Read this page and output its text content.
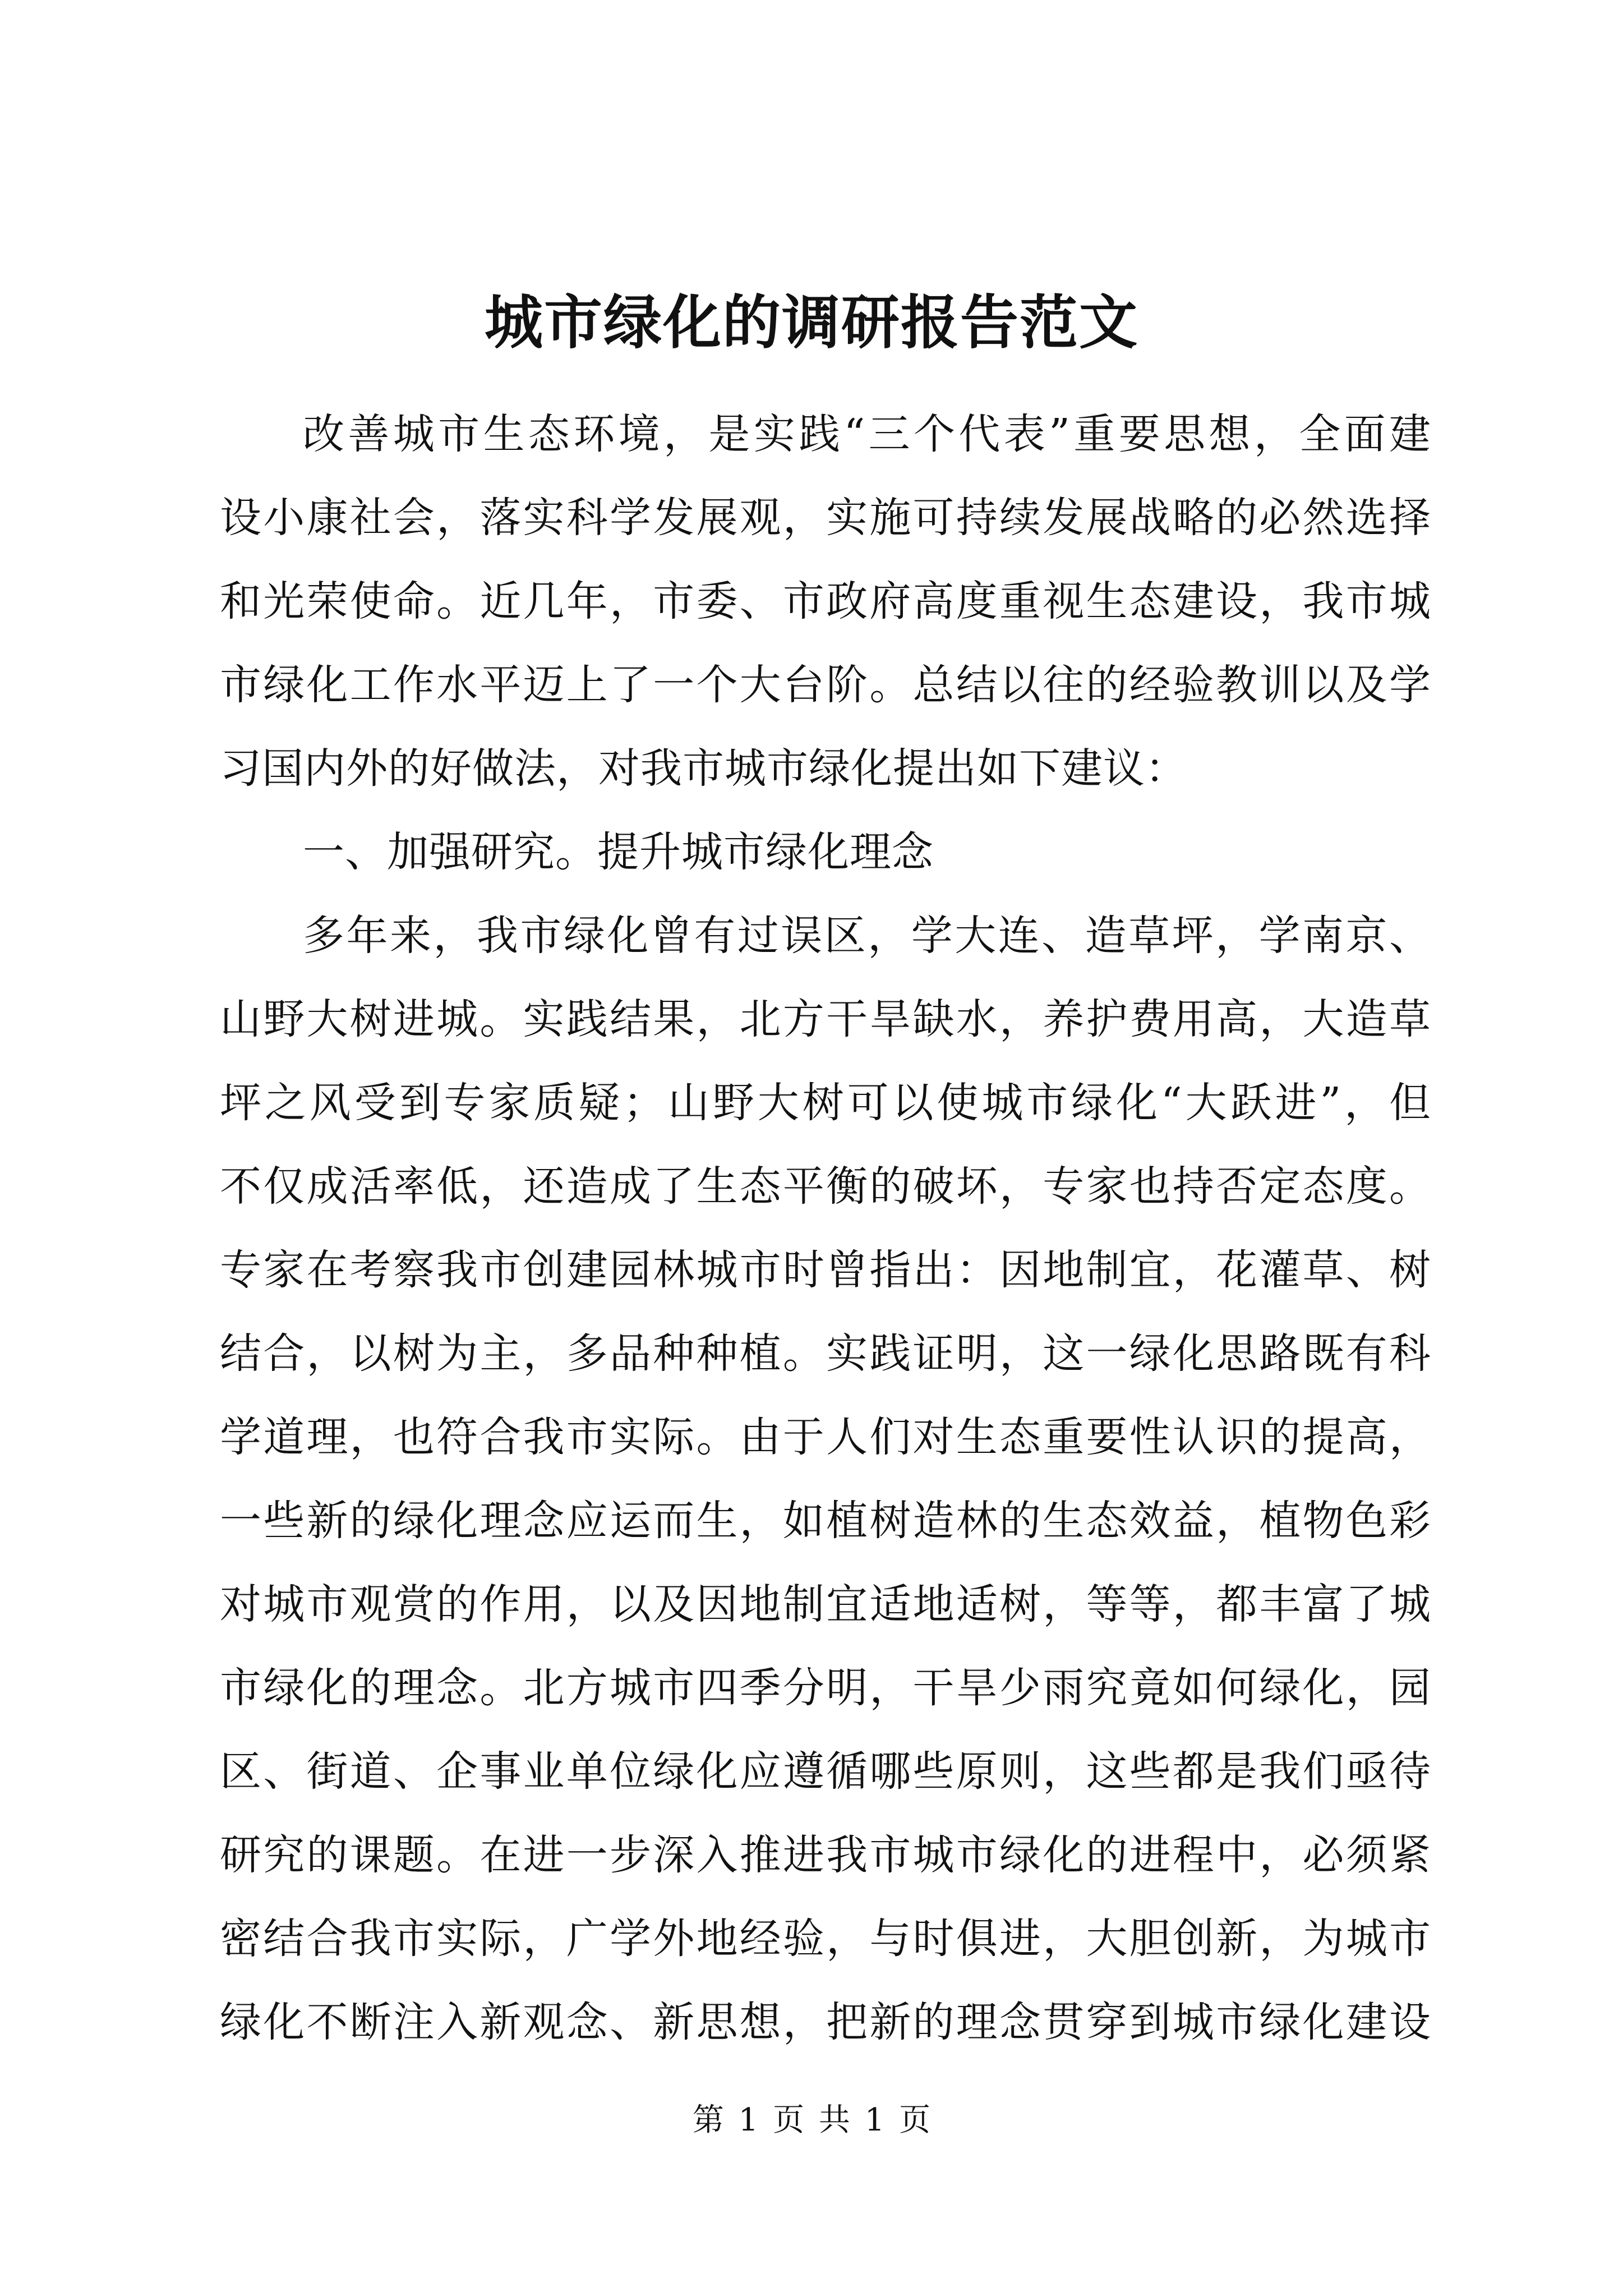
城市绿化的调研报告范文
改善城市生态环境，是实践“三个代表”重要思想，全面建
设小康社会，落实科学发展观，实施可持续发展战略的必然选择
和光荣使命。近几年，市委、市政府高度重视生态建设，我市城
市绿化工作水平迈上了一个大台阶。总结以往的经验教训以及学
习国内外的好做法，对我市城市绿化提出如下建议：
一、加强研究。提升城市绿化理念
多年来，我市绿化曾有过误区，学大连、造草坪，学南京、
山野大树进城。实践结果，北方干旱缺水，养护费用高，大造草
坪之风受到专家质疑；山野大树可以使城市绿化“大跃进”，但
不仅成活率低，还造成了生态平衡的破坏，专家也持否定态度。
专家在考察我市创建园林城市时曾指出：因地制宜，花灌草、树
结合，以树为主，多品种种植。实践证明，这一绿化思路既有科
学道理，也符合我市实际。由于人们对生态重要性认识的提高，
一些新的绿化理念应运而生，如植树造林的生态效益，植物色彩
对城市观赏的作用，以及因地制宜适地适树，等等，都丰富了城
市绿化的理念。北方城市四季分明，干旱少雨究竟如何绿化，园
区、街道、企事业单位绿化应遵循哪些原则，这些都是我们亟待
研究的课题。在进一步深入推进我市城市绿化的进程中，必须紧
密结合我市实际，广学外地经验，与时俱进，大胆创新，为城市
绿化不断注入新观念、新思想，把新的理念贯穿到城市绿化建设
第 1 页 共 1 页
